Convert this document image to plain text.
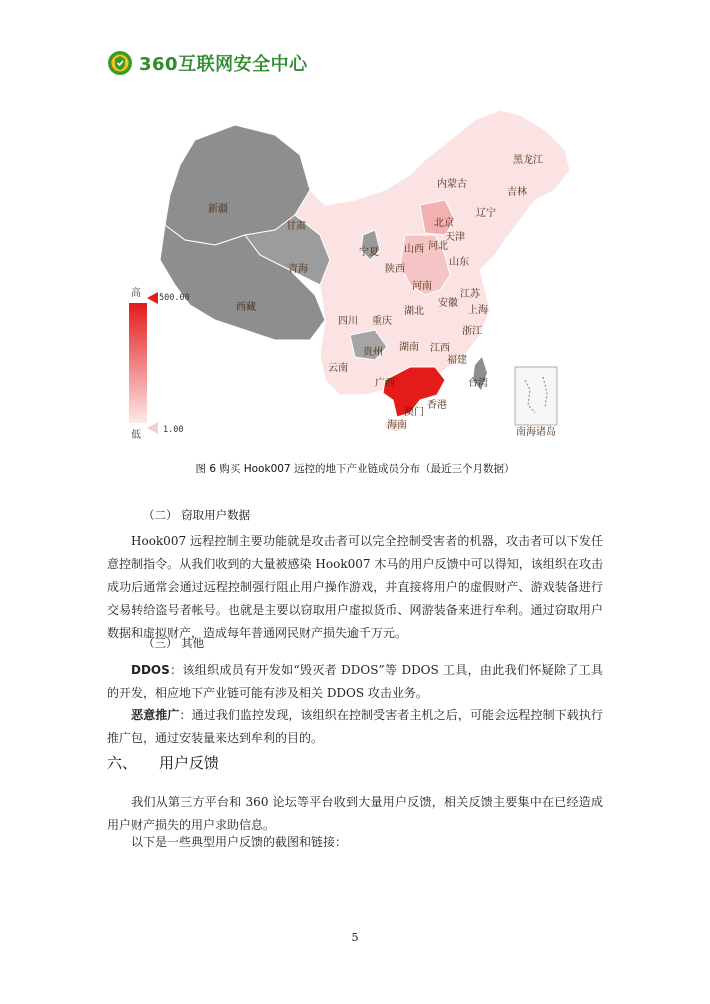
360互联网安全中心
南海诸岛
黑龙江
吉林
内蒙古
新疆	辽宁
甘肃	北京
天津
河北
山西
宁夏
青海	陕西
山东
西藏
河南
江苏
安徽
上海
四川 重庆
湖北
浙江
贵州 湖南 江西
福建
云南
广西	台湾
澳门
香港
海南
高 500.00
1.00
低
图 6 购买 Hook007 远控的地下产业链成员分布（最近三个月数据）
（二） 窃取用户数据
Hook007 远程控制主要功能就是攻击者可以完全控制受害者的机器，攻击者可以下发任意控制指令。从我们收到的大量被感染 Hook007 木马的用户反馈中可以得知，该组织在攻击成功后通常会通过远程控制强行阻止用户操作游戏，并直接将用户的虚假财产、游戏装备进行交易转给盗号者帐号。也就是主要以窃取用户虚拟货币、网游装备来进行牟利。通过窃取用户数据和虚拟财产，造成每年普通网民财产损失逾千万元。
（三） 其他
DDOS：该组织成员有开发如“毁灭者 DDOS”等 DDOS 工具，由此我们怀疑除了工具的开发，相应地下产业链可能有涉及相关 DDOS 攻击业务。
恶意推广：通过我们监控发现，该组织在控制受害者主机之后，可能会远程控制下载执行推广包，通过安装量来达到牟利的目的。
六、 用户反馈
我们从第三方平台和 360 论坛等平台收到大量用户反馈，相关反馈主要集中在已经造成用户财产损失的用户求助信息。
以下是一些典型用户反馈的截图和链接：
5
